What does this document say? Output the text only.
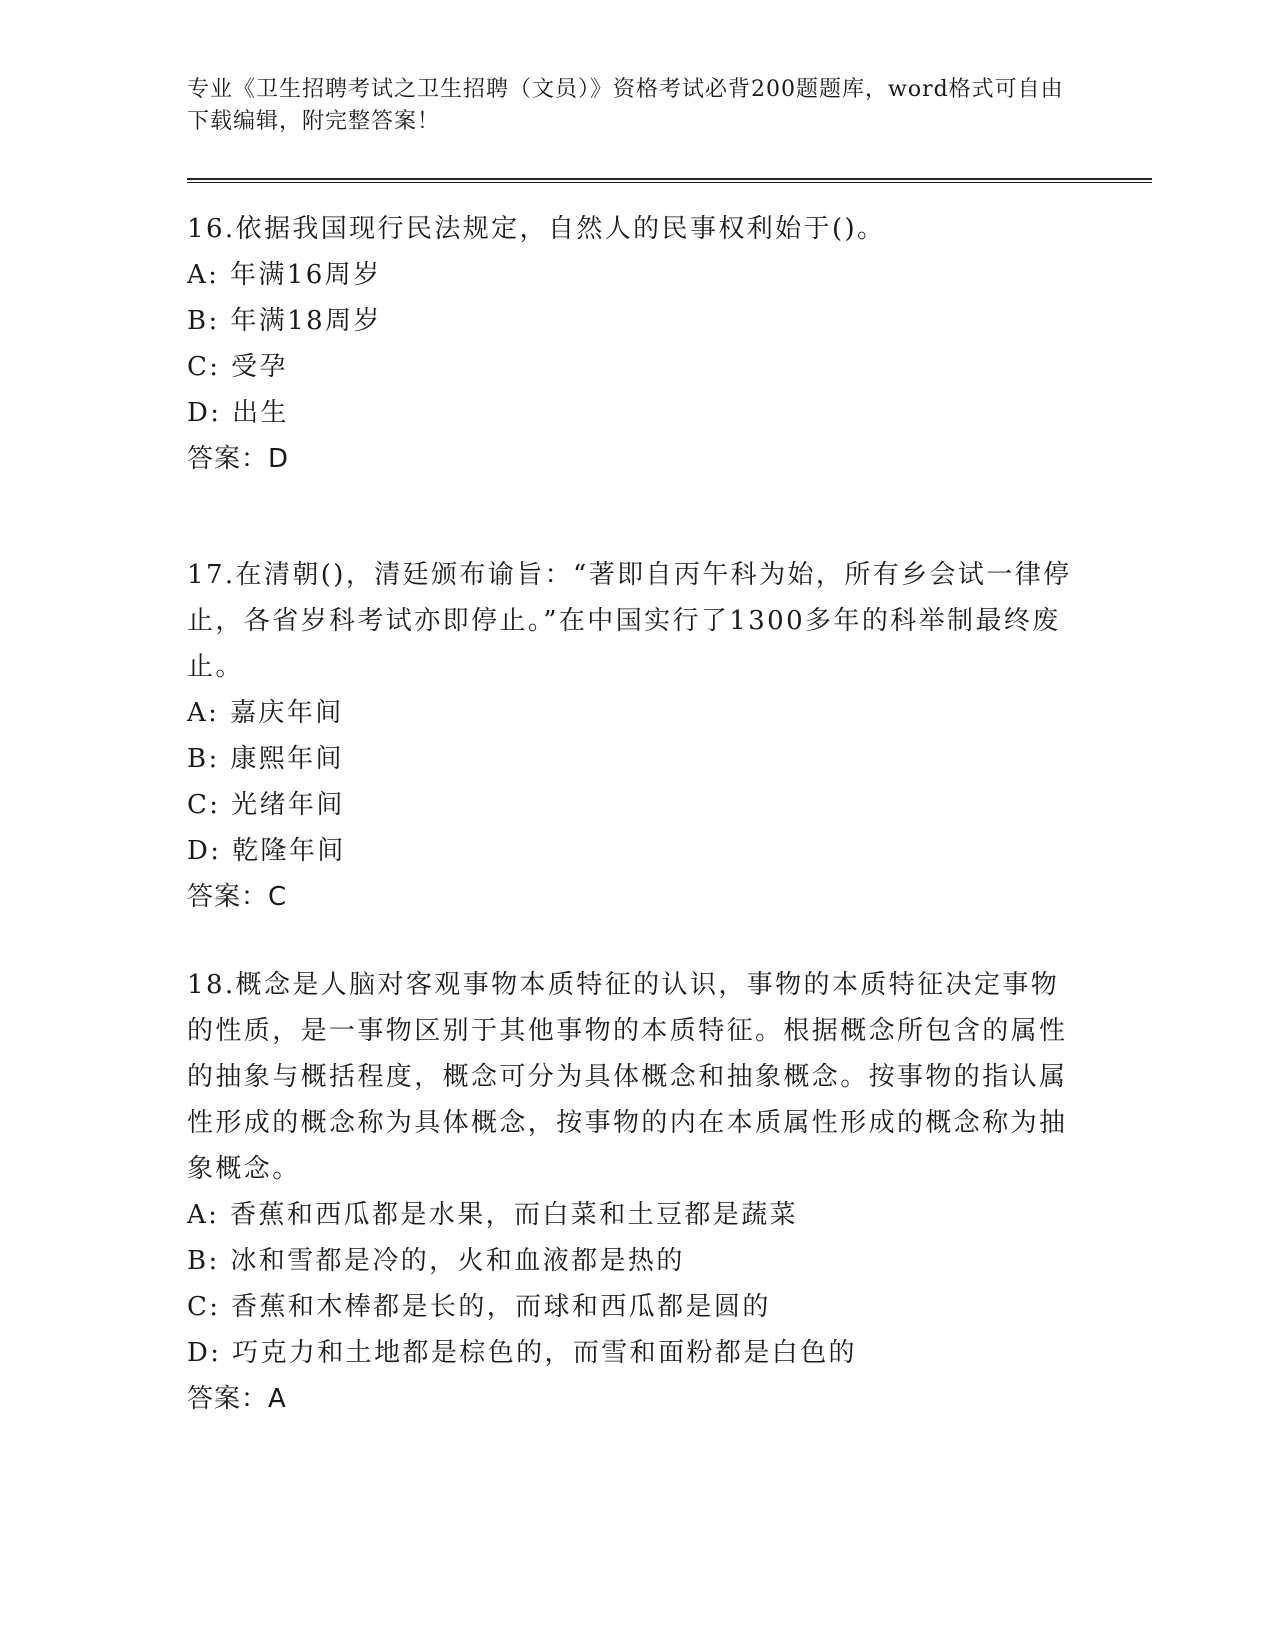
专业《卫生招聘考试之卫生招聘（文员）》资格考试必背200题题库，word格式可自由下载编辑，附完整答案！

16.依据我国现行民法规定，自然人的民事权利始于()。

A: 年满16周岁

B: 年满18周岁

C: 受孕

D: 出生

答案：D

17.在清朝()，清廷颁布谕旨：“著即自丙午科为始，所有乡会试一律停止，各省岁科考试亦即停止。”在中国实行了1300多年的科举制最终废止。

A: 嘉庆年间

B: 康熙年间

C: 光绪年间

D: 乾隆年间

答案：C

18.概念是人脑对客观事物本质特征的认识，事物的本质特征决定事物的性质，是一事物区别于其他事物的本质特征。根据概念所包含的属性的抽象与概括程度，概念可分为具体概念和抽象概念。按事物的指认属性形成的概念称为具体概念，按事物的内在本质属性形成的概念称为抽象概念。

A: 香蕉和西瓜都是水果，而白菜和土豆都是蔬菜

B: 冰和雪都是冷的，火和血液都是热的

C: 香蕉和木棒都是长的，而球和西瓜都是圆的

D: 巧克力和土地都是棕色的，而雪和面粉都是白色的

答案：A
